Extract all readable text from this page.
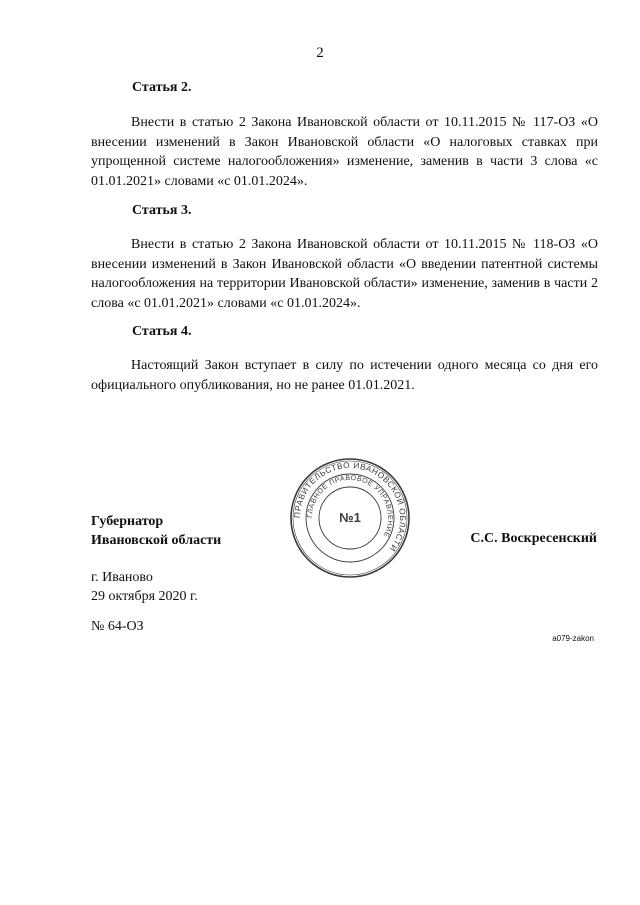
2
Статья 2.
Внести в статью 2 Закона Ивановской области от 10.11.2015 № 117-ОЗ «О внесении изменений в Закон Ивановской области «О налоговых ставках при упрощенной системе налогообложения» изменение, заменив в части 3 слова «с 01.01.2021» словами «с 01.01.2024».
Статья 3.
Внести в статью 2 Закона Ивановской области от 10.11.2015 № 118-ОЗ «О внесении изменений в Закон Ивановской области «О введении патентной системы налогообложения на территории Ивановской области» изменение, заменив в части 2 слова «с 01.01.2021» словами «с 01.01.2024».
Статья 4.
Настоящий Закон вступает в силу по истечении одного месяца со дня его официального опубликования, но не ранее 01.01.2021.
ПРАВИТЕЛЬСТВО ИВАНОВСКОЙ ОБЛАСТИ
ГЛАВНОЕ ПРАВОВОЕ УПРАВЛЕНИЕ
№1
Губернатор
Ивановской области	С.С. Воскресенский
г. Иваново
29 октября 2020 г.
№ 64-ОЗ
a079-zakon
